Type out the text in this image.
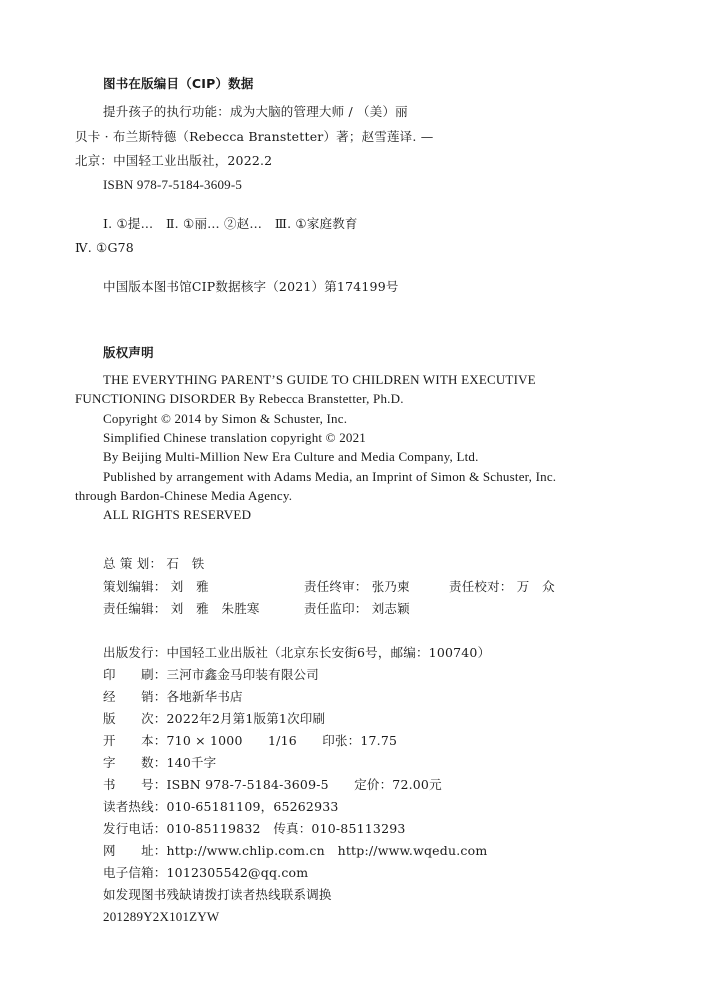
图书在版编目（CIP）数据
提升孩子的执行功能：成为大脑的管理大师 / （美）丽
贝卡 · 布兰斯特德（Rebecca Branstetter）著；赵雪莲译. —
北京：中国轻工业出版社，2022.2
ISBN 978-7-5184-3609-5
Ⅰ. ①提…　Ⅱ. ①丽… ②赵…　Ⅲ. ①家庭教育
Ⅳ. ①G78
中国版本图书馆CIP数据核字（2021）第174199号
版权声明
THE EVERYTHING PARENT’S GUIDE TO CHILDREN WITH EXECUTIVE
FUNCTIONING DISORDER By Rebecca Branstetter, Ph.D.
Copyright © 2014 by Simon & Schuster, Inc.
Simplified Chinese translation copyright © 2021
By Beijing Multi-Million New Era Culture and Media Company, Ltd.
Published by arrangement with Adams Media, an Imprint of Simon & Schuster, Inc.
through Bardon-Chinese Media Agency.
ALL RIGHTS RESERVED
总 策 划： 石　铁
策划编辑： 刘　雅	责任终审： 张乃柬	责任校对： 万　众
责任编辑： 刘　雅　朱胜寒	责任监印： 刘志颖
出版发行：中国轻工业出版社（北京东长安街6号，邮编：100740）
印　　刷：三河市鑫金马印装有限公司
经　　销：各地新华书店
版　　次：2022年2月第1版第1次印刷
开　　本：710 × 1000　　1/16　　印张：17.75
字　　数：140千字
书　　号：ISBN 978-7-5184-3609-5　　定价：72.00元
读者热线：010-65181109，65262933
发行电话：010-85119832　传真：010-85113293
网　　址：http://www.chlip.com.cn　http://www.wqedu.com
电子信箱：1012305542@qq.com
如发现图书残缺请拨打读者热线联系调换
201289Y2X101ZYW
